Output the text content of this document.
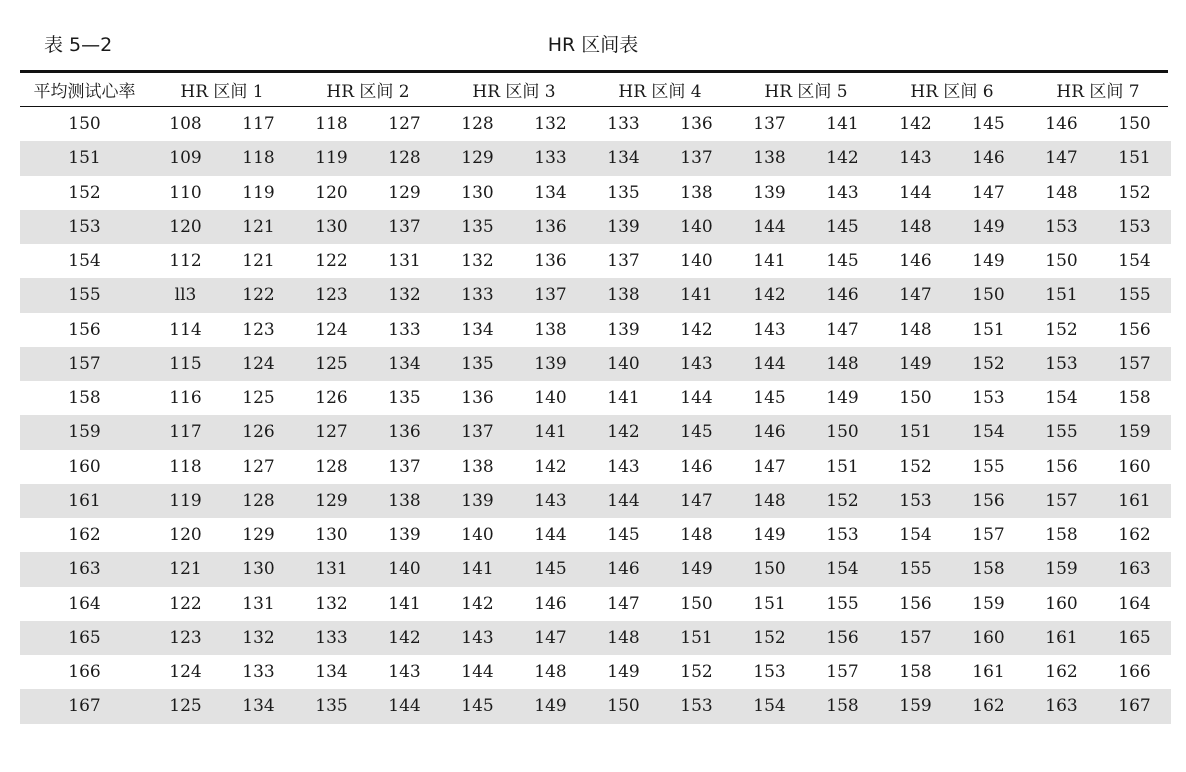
表 5—2	HR 区间表
平均测试心率	HR 区间 1		HR 区间 2		HR 区间 3		HR 区间 4		HR 区间 5		HR 区间 6		HR 区间 7	

150	108	117	118	127	128	132	133	136	137	141	142	145	146	150
151	109	118	119	128	129	133	134	137	138	142	143	146	147	151
152	110	119	120	129	130	134	135	138	139	143	144	147	148	152
153	120	121	130	137	135	136	139	140	144	145	148	149	153	153
154	112	121	122	131	132	136	137	140	141	145	146	149	150	154
155	ll3	122	123	132	133	137	138	141	142	146	147	150	151	155
156	114	123	124	133	134	138	139	142	143	147	148	151	152	156
157	115	124	125	134	135	139	140	143	144	148	149	152	153	157
158	116	125	126	135	136	140	141	144	145	149	150	153	154	158
159	117	126	127	136	137	141	142	145	146	150	151	154	155	159
160	118	127	128	137	138	142	143	146	147	151	152	155	156	160
161	119	128	129	138	139	143	144	147	148	152	153	156	157	161
162	120	129	130	139	140	144	145	148	149	153	154	157	158	162
163	121	130	131	140	141	145	146	149	150	154	155	158	159	163
164	122	131	132	141	142	146	147	150	151	155	156	159	160	164
165	123	132	133	142	143	147	148	151	152	156	157	160	161	165
166	124	133	134	143	144	148	149	152	153	157	158	161	162	166
167	125	134	135	144	145	149	150	153	154	158	159	162	163	167
